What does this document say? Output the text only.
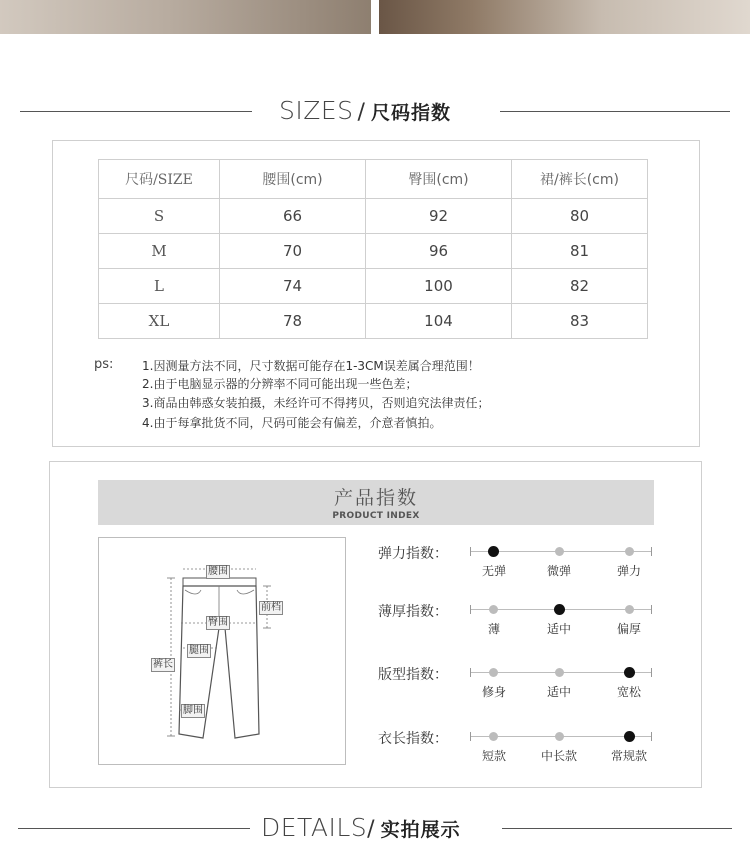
SIZES / 尺码指数
尺码/SIZE	腰围(cm)	臀围(cm)	裙/裤长(cm)
S	66	92	80
M	70	96	81
L	74	100	82
XL	78	104	83
ps: 1.因测量方法不同，尺寸数据可能存在1-3CM误差属合理范围！
2.由于电脑显示器的分辨率不同可能出现一些色差；
3.商品由韩惑女装拍摄，未经许可不得拷贝，否则追究法律责任；
4.由于每拿批货不同，尺码可能会有偏差，介意者慎拍。
产品指数
PRODUCT INDEX
腰围
前档
臀围
腿围
裤长
脚围
弹力指数：
无弹	微弹	弹力
薄厚指数：
薄	适中	偏厚
版型指数：
修身	适中	宽松
衣长指数：
短款	中长款	常规款
DETAILS / 实拍展示
